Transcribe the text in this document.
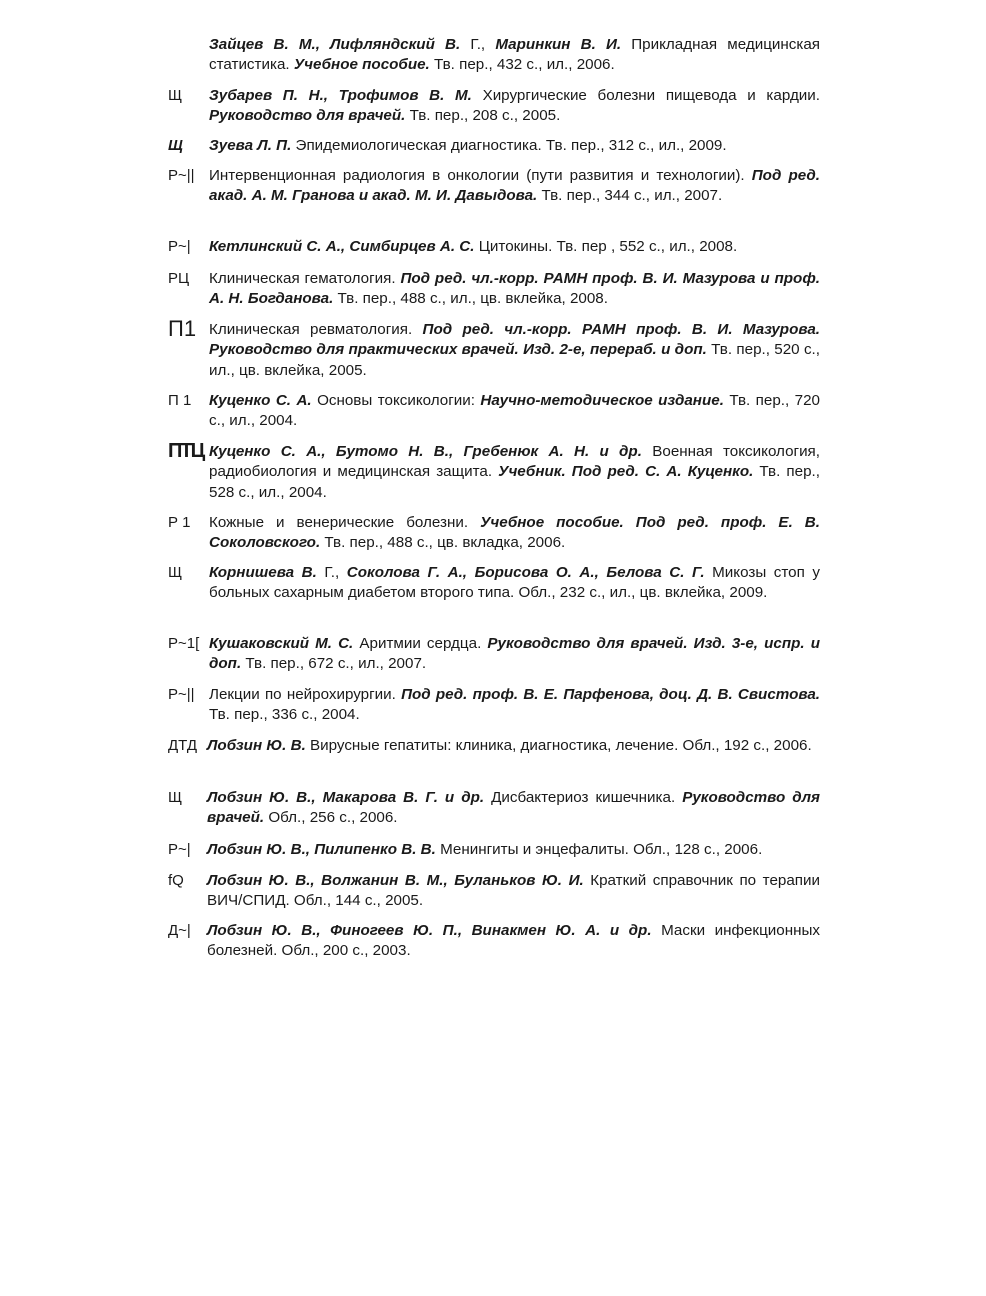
Зайцев В. М., Лифляндский В. Г., Маринкин В. И. Прикладная медицинская статистика. Учебное пособие. Тв. пер., 432 с., ил., 2006.
Щ	Зубарев П. Н., Трофимов В. М. Хирургические болезни пищевода и кардии. Руководство для врачей. Тв. пер., 208 с., 2005.
Щ	Зуева Л. П. Эпидемиологическая диагностика. Тв. пер., 312 с., ил., 2009.
Р~|| Интервенционная радиология в онкологии (пути развития и технологии). Под ред. акад. А. М. Гранова и акад. М. И. Давыдова. Тв. пер., 344 с., ил., 2007.
Р~|	Кетлинский С. А., Симбирцев А. С. Цитокины. Тв. пер , 552 с., ил., 2008.
РЦ	Клиническая гематология. Под ред. чл.-корр. РАМН проф. В. И. Мазурова и проф. А. Н. Богданова. Тв. пер., 488 с., ил., цв. вклейка, 2008.
П1 Клиническая ревматология. Под ред. чл.-корр. РАМН проф. В. И. Мазурова. Руководство для практических врачей. Изд. 2-е, перераб. и доп. Тв. пер., 520 с., ил., цв. вклейка, 2005.
П 1	Куценко С. А. Основы токсикологии: Научно-методическое издание. Тв. пер., 720 с., ил., 2004.
ПТЦ Куценко С. А., Бутомо Н. В., Гребенюк А. Н. и др. Военная токсикология, радиобиология и медицинская защита. Учебник. Под ред. С. А. Куценко. Тв. пер., 528 с., ил., 2004.
Р 1	Кожные и венерические болезни. Учебное пособие. Под ред. проф. Е. В. Соколовского. Тв. пер., 488 с., цв. вкладка, 2006.
Щ	Корнишева В. Г., Соколова Г. А., Борисова О. А., Белова С. Г. Микозы стоп у больных сахарным диабетом второго типа. Обл., 232 с., ил., цв. вклейка, 2009.
Р~1[ Кушаковский М. С. Аритмии сердца. Руководство для врачей. Изд. 3-е, испр. и доп. Тв. пер., 672 с., ил., 2007.
Р~|| Лекции по нейрохирургии. Под ред. проф. В. Е. Парфенова, доц. Д. В. Свистова. Тв. пер., 336 с., 2004.
ДТД Лобзин Ю. В. Вирусные гепатиты: клиника, диагностика, лечение. Обл., 192 с., 2006.
Щ	Лобзин Ю. В., Макарова В. Г. и др. Дисбактериоз кишечника. Руководство для врачей. Обл., 256 с., 2006.
Р~|	Лобзин Ю. В., Пилипенко В. В. Менингиты и энцефалиты. Обл., 128 с., 2006.
fQ	Лобзин Ю. В., Волжанин В. М., Буланьков Ю. И. Краткий справочник по терапии ВИЧ/СПИД. Обл., 144 с., 2005.
Д~|	Лобзин Ю. В., Финогеев Ю. П., Винакмен Ю. А. и др. Маски инфекционных болезней. Обл., 200 с., 2003.
